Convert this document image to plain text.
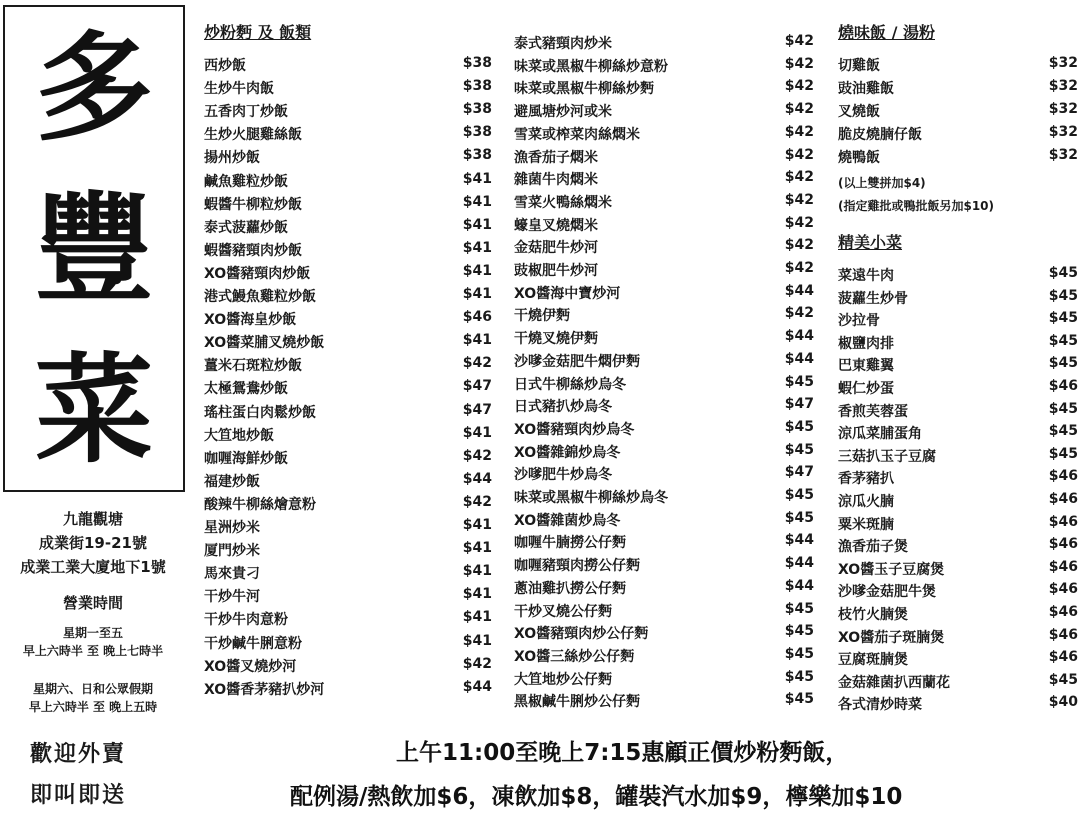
多
豐
菜
九龍觀塘
成業街19-21號
成業工業大廈地下1號
營業時間
星期一至五
早上六時半 至 晚上七時半
星期六、日和公眾假期
早上六時半 至 晚上五時
歡迎外賣
即叫即送
炒粉麪 及 飯類
西炒飯	$38
生炒牛肉飯	$38
五香肉丁炒飯	$38
生炒火腿雞絲飯	$38
揚州炒飯	$38
鹹魚雞粒炒飯	$41
蝦醬牛柳粒炒飯	$41
泰式菠蘿炒飯	$41
蝦醬豬頸肉炒飯	$41
XO醬豬頸肉炒飯	$41
港式鰻魚雞粒炒飯	$41
XO醬海皇炒飯	$46
XO醬菜脯叉燒炒飯	$41
薑米石斑粒炒飯	$42
太極鴛鴦炒飯	$47
瑤柱蛋白肉鬆炒飯	$47
大笪地炒飯	$41
咖喱海鮮炒飯	$42
福建炒飯	$44
酸辣牛柳絲燴意粉	$42
星洲炒米	$41
厦門炒米	$41
馬來貴刁	$41
干炒牛河	$41
干炒牛肉意粉	$41
干炒鹹牛脷意粉	$41
XO醬叉燒炒河	$42
XO醬香茅豬扒炒河	$44
泰式豬頸肉炒米	$42
味菜或黑椒牛柳絲炒意粉	$42
味菜或黑椒牛柳絲炒麪	$42
避風塘炒河或米	$42
雪菜或榨菜肉絲燜米	$42
漁香茄子燜米	$42
雜菌牛肉燜米	$42
雪菜火鴨絲燜米	$42
蠔皇叉燒燜米	$42
金菇肥牛炒河	$42
豉椒肥牛炒河	$42
XO醬海中寶炒河	$44
干燒伊麪	$42
干燒叉燒伊麪	$44
沙嗲金菇肥牛燜伊麪	$44
日式牛柳絲炒烏冬	$45
日式豬扒炒烏冬	$47
XO醬豬頸肉炒烏冬	$45
XO醬雜錦炒烏冬	$45
沙嗲肥牛炒烏冬	$47
味菜或黑椒牛柳絲炒烏冬	$45
XO醬雜菌炒烏冬	$45
咖喱牛腩撈公仔麪	$44
咖喱豬頸肉撈公仔麪	$44
蔥油雞扒撈公仔麪	$44
干炒叉燒公仔麪	$45
XO醬豬頸肉炒公仔麪	$45
XO醬三絲炒公仔麪	$45
大笪地炒公仔麪	$45
黑椒鹹牛脷炒公仔麪	$45
燒味飯 / 湯粉
切雞飯	$32
豉油雞飯	$32
叉燒飯	$32
脆皮燒腩仔飯	$32
燒鴨飯	$32
(以上雙拼加$4)
(指定雞批或鴨批飯另加$10)
精美小菜
菜遠牛肉	$45
菠蘿生炒骨	$45
沙拉骨	$45
椒鹽肉排	$45
巴東雞翼	$45
蝦仁炒蛋	$46
香煎芙蓉蛋	$45
涼瓜菜脯蛋角	$45
三菇扒玉子豆腐	$45
香茅豬扒	$46
涼瓜火腩	$46
粟米斑腩	$46
漁香茄子煲	$46
XO醬玉子豆腐煲	$46
沙嗲金菇肥牛煲	$46
枝竹火腩煲	$46
XO醬茄子斑腩煲	$46
豆腐斑腩煲	$46
金菇雜菌扒西蘭花	$45
各式清炒時菜	$40
上午11:00至晚上7:15惠顧正價炒粉麪飯，
配例湯/熱飲加$6，凍飲加$8，罐裝汽水加$9，檸樂加$10
